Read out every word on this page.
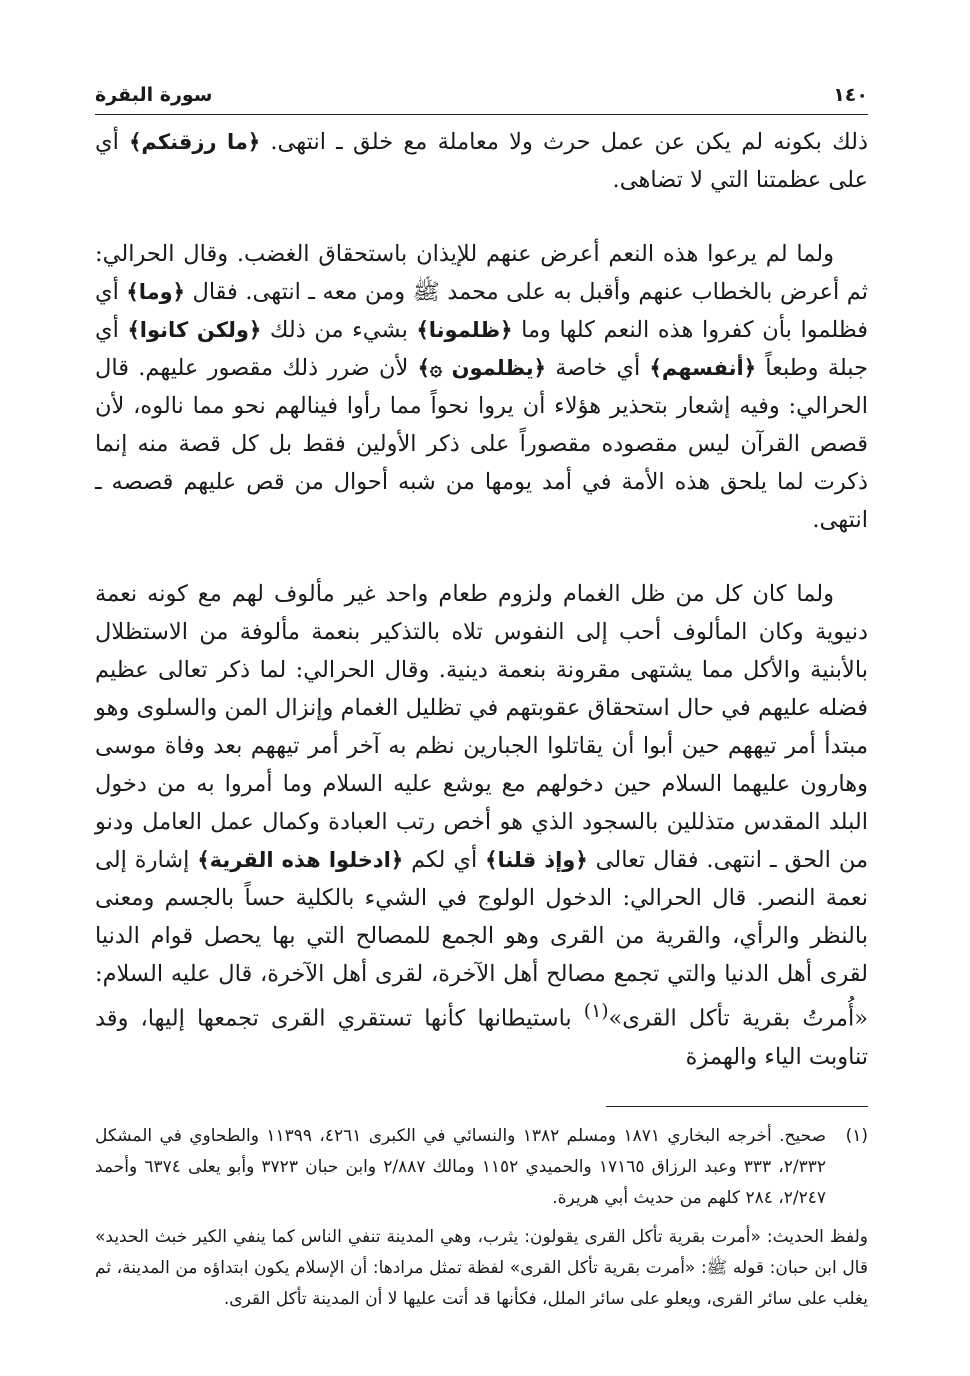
١٤٠
سورة البقرة

ذلك بكونه لم يكن عن عمل حرث ولا معاملة مع خلق ـ انتهى. ﴿ما رزقنكم﴾ أي على عظمتنا التي لا تضاهى.

ولما لم يرعوا هذه النعم أعرض عنهم للإيذان باستحقاق الغضب. وقال الحرالي: ثم أعرض بالخطاب عنهم وأقبل به على محمد ﷺ ومن معه ـ انتهى. فقال ﴿وما﴾ أي فظلموا بأن كفروا هذه النعم كلها وما ﴿ظلمونا﴾ بشيء من ذلك ﴿ولكن كانوا﴾ أي جبلة وطبعاً ﴿أنفسهم﴾ أي خاصة ﴿يظلمون ۞﴾ لأن ضرر ذلك مقصور عليهم. قال الحرالي: وفيه إشعار بتحذير هؤلاء أن يروا نحواً مما رأوا فينالهم نحو مما نالوه، لأن قصص القرآن ليس مقصوده مقصوراً على ذكر الأولين فقط بل كل قصة منه إنما ذكرت لما يلحق هذه الأمة في أمد يومها من شبه أحوال من قص عليهم قصصه ـ انتهى.

ولما كان كل من ظل الغمام ولزوم طعام واحد غير مألوف لهم مع كونه نعمة دنيوية وكان المألوف أحب إلى النفوس تلاه بالتذكير بنعمة مألوفة من الاستظلال بالأبنية والأكل مما يشتهى مقرونة بنعمة دينية. وقال الحرالي: لما ذكر تعالى عظيم فضله عليهم في حال استحقاق عقوبتهم في تظليل الغمام وإنزال المن والسلوى وهو مبتدأ أمر تيههم حين أبوا أن يقاتلوا الجبارين نظم به آخر أمر تيههم بعد وفاة موسى وهارون عليهما السلام حين دخولهم مع يوشع عليه السلام وما أمروا به من دخول البلد المقدس متذللين بالسجود الذي هو أخص رتب العبادة وكمال عمل العامل ودنو من الحق ـ انتهى. فقال تعالى ﴿وإذ قلنا﴾ أي لكم ﴿ادخلوا هذه القرية﴾ إشارة إلى نعمة النصر. قال الحرالي: الدخول الولوج في الشيء بالكلية حساً بالجسم ومعنى بالنظر والرأي، والقرية من القرى وهو الجمع للمصالح التي بها يحصل قوام الدنيا لقرى أهل الدنيا والتي تجمع مصالح أهل الآخرة، لقرى أهل الآخرة، قال عليه السلام: «أُمرتُ بقرية تأكل القرى»$^{(١)}$ باستيطانها كأنها تستقري القرى تجمعها إليها، وقد تناوبت الياء والهمزة

(١)
صحيح. أخرجه البخاري ١٨٧١ ومسلم ١٣٨٢ والنسائي في الكبرى ٤٢٦١، ١١٣٩٩ والطحاوي في المشكل ٢/٣٣٢، ٣٣٣ وعبد الرزاق ١٧١٦٥ والحميدي ١١٥٢ ومالك ٢/٨٨٧ وابن حبان ٣٧٢٣ وأبو يعلى ٦٣٧٤ وأحمد ٢/٢٤٧، ٢٨٤ كلهم من حديث أبي هريرة.
ولفظ الحديث: «أمرت بقرية تأكل القرى يقولون: يثرب، وهي المدينة تنفي الناس كما ينفي الكير خبث الحديد» قال ابن حبان: قوله ﷺ: «أمرت بقرية تأكل القرى» لفظة تمثل مرادها: أن الإسلام يكون ابتداؤه من المدينة، ثم يغلب على سائر القرى، ويعلو على سائر الملل، فكأنها قد أتت عليها لا أن المدينة تأكل القرى.
